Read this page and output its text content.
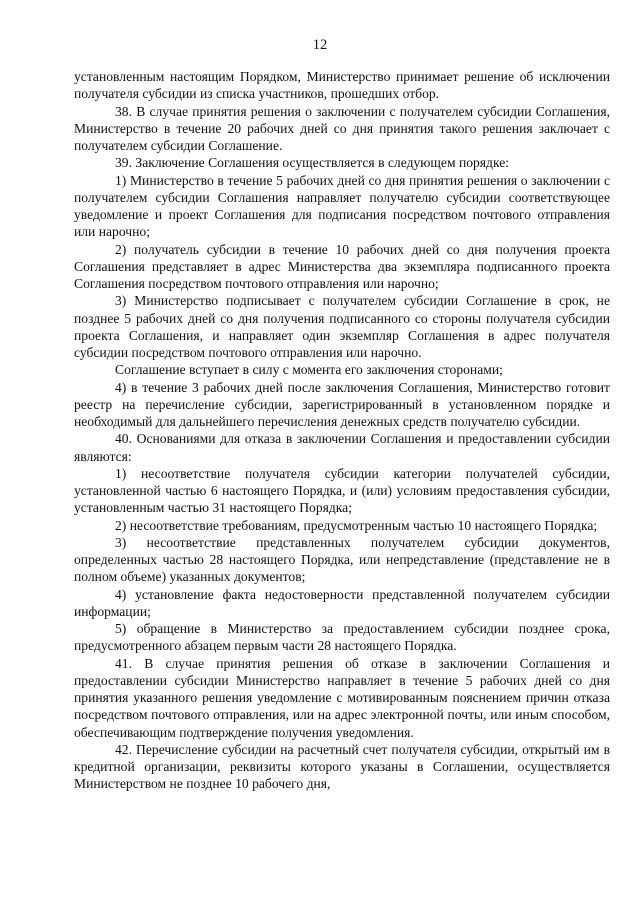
12

установленным настоящим Порядком, Министерство принимает решение об исключении получателя субсидии из списка участников, прошедших отбор.

38. В случае принятия решения о заключении с получателем субсидии Соглашения, Министерство в течение 20 рабочих дней со дня принятия такого решения заключает с получателем субсидии Соглашение.

39. Заключение Соглашения осуществляется в следующем порядке:

1) Министерство в течение 5 рабочих дней со дня принятия решения о заключении с получателем субсидии Соглашения направляет получателю субсидии соответствующее уведомление и проект Соглашения для подписания посредством почтового отправления или нарочно;

2) получатель субсидии в течение 10 рабочих дней со дня получения проекта Соглашения представляет в адрес Министерства два экземпляра подписанного проекта Соглашения посредством почтового отправления или нарочно;

3) Министерство подписывает с получателем субсидии Соглашение в срок, не позднее 5 рабочих дней со дня получения подписанного со стороны получателя субсидии проекта Соглашения, и направляет один экземпляр Соглашения в адрес получателя субсидии посредством почтового отправления или нарочно.

Соглашение вступает в силу с момента его заключения сторонами;

4) в течение 3 рабочих дней после заключения Соглашения, Министерство готовит реестр на перечисление субсидии, зарегистрированный в установленном порядке и необходимый для дальнейшего перечисления денежных средств получателю субсидии.

40. Основаниями для отказа в заключении Соглашения и предоставлении субсидии являются:

1) несоответствие получателя субсидии категории получателей субсидии, установленной частью 6 настоящего Порядка, и (или) условиям предоставления субсидии, установленным частью 31 настоящего Порядка;

2) несоответствие требованиям, предусмотренным частью 10 настоящего Порядка;

3) несоответствие представленных получателем субсидии документов, определенных частью 28 настоящего Порядка, или непредставление (представление не в полном объеме) указанных документов;

4) установление факта недостоверности представленной получателем субсидии информации;

5) обращение в Министерство за предоставлением субсидии позднее срока, предусмотренного абзацем первым части 28 настоящего Порядка.

41. В случае принятия решения об отказе в заключении Соглашения и предоставлении субсидии Министерство направляет в течение 5 рабочих дней со дня принятия указанного решения уведомление с мотивированным пояснением причин отказа посредством почтового отправления, или на адрес электронной почты, или иным способом, обеспечивающим подтверждение получения уведомления.

42. Перечисление субсидии на расчетный счет получателя субсидии, открытый им в кредитной организации, реквизиты которого указаны в Соглашении, осуществляется Министерством не позднее 10 рабочего дня,
